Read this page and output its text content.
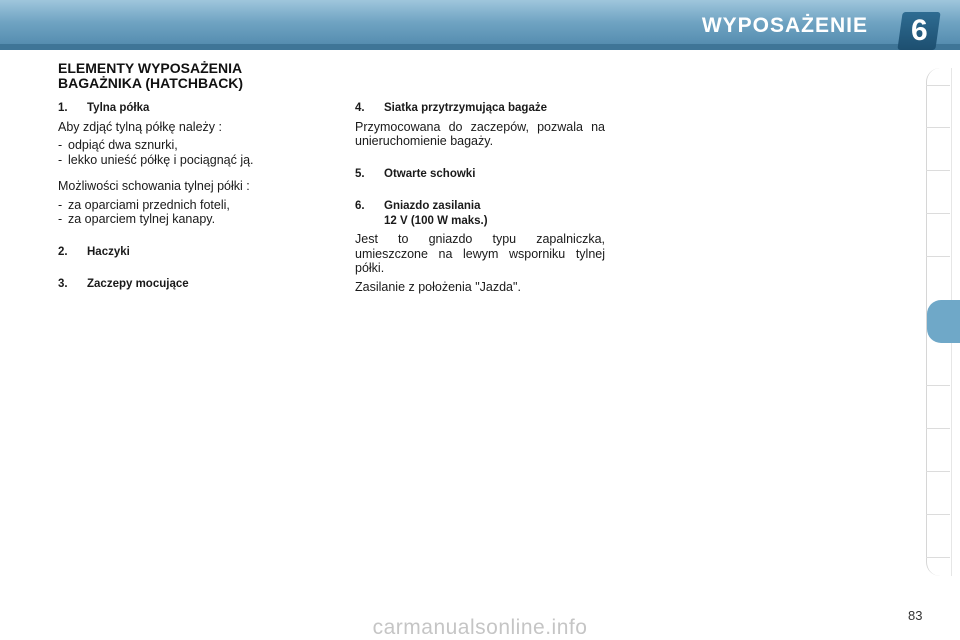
WYPOSAŻENIE 6
ELEMENTY WYPOSAŻENIA
BAGAŻNIKA (HATCHBACK)
1.	Tylna półka

Aby zdjąć tylną półkę należy :

- odpiąć dwa sznurki,
- lekko unieść półkę i pociągnąć ją.

Możliwości schowania tylnej półki :

- za oparciami przednich foteli,
- za oparciem tylnej kanapy.
2.	Haczyki
3.	Zaczepy mocujące
4.	Siatka przytrzymująca bagaże

Przymocowana do zaczepów, pozwala na unieruchomienie bagaży.

5.	Otwarte schowki
6.	Gniazdo zasilania
12 V (100 W maks.)

Jest to gniazdo typu zapalniczka, umieszczone na lewym wsporniku tylnej półki.

Zasilanie z położenia "Jazda".

83
carmanualsonline.info
